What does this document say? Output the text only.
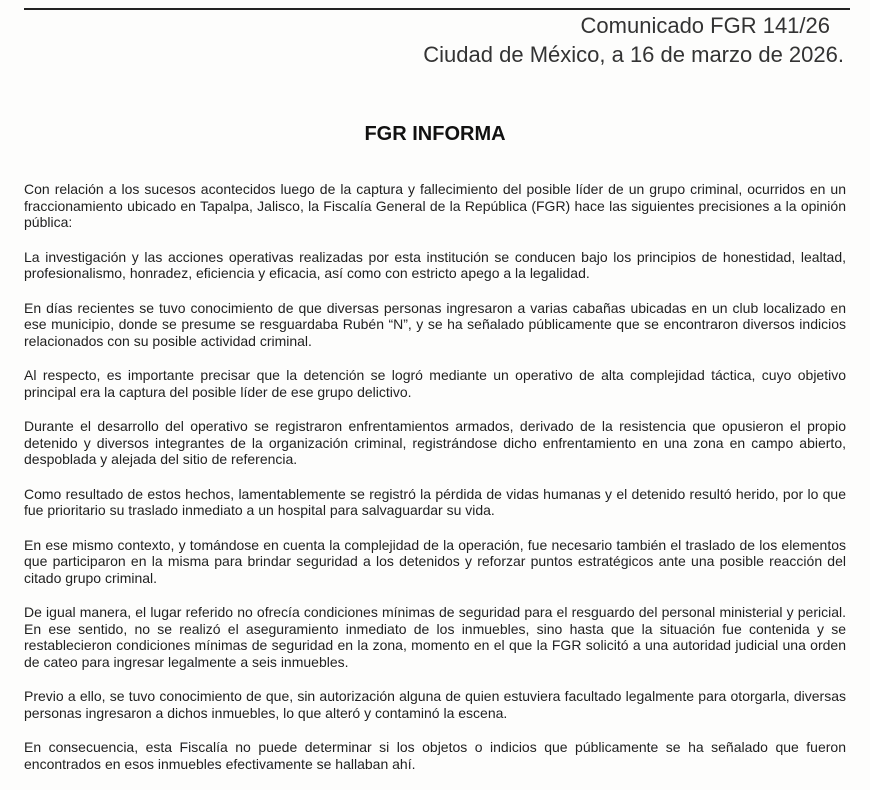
Comunicado FGR 141/26
Ciudad de México, a 16 de marzo de 2026.
FGR INFORMA

Con relación a los sucesos acontecidos luego de la captura y fallecimiento del posible líder de un grupo criminal, ocurridos en un fraccionamiento ubicado en Tapalpa, Jalisco, la Fiscalía General de la República (FGR) hace las siguientes precisiones a la opinión pública:

La investigación y las acciones operativas realizadas por esta institución se conducen bajo los principios de honestidad, lealtad, profesionalismo, honradez, eficiencia y eficacia, así como con estricto apego a la legalidad.

En días recientes se tuvo conocimiento de que diversas personas ingresaron a varias cabañas ubicadas en un club localizado en ese municipio, donde se presume se resguardaba Rubén “N”, y se ha señalado públicamente que se encontraron diversos indicios relacionados con su posible actividad criminal.

Al respecto, es importante precisar que la detención se logró mediante un operativo de alta complejidad táctica, cuyo objetivo principal era la captura del posible líder de ese grupo delictivo.

Durante el desarrollo del operativo se registraron enfrentamientos armados, derivado de la resistencia que opusieron el propio detenido y diversos integrantes de la organización criminal, registrándose dicho enfrentamiento en una zona en campo abierto, despoblada y alejada del sitio de referencia.

Como resultado de estos hechos, lamentablemente se registró la pérdida de vidas humanas y el detenido resultó herido, por lo que fue prioritario su traslado inmediato a un hospital para salvaguardar su vida.

En ese mismo contexto, y tomándose en cuenta la complejidad de la operación, fue necesario también el traslado de los elementos que participaron en la misma para brindar seguridad a los detenidos y reforzar puntos estratégicos ante una posible reacción del citado grupo criminal.

De igual manera, el lugar referido no ofrecía condiciones mínimas de seguridad para el resguardo del personal ministerial y pericial. En ese sentido, no se realizó el aseguramiento inmediato de los inmuebles, sino hasta que la situación fue contenida y se restablecieron condiciones mínimas de seguridad en la zona, momento en el que la FGR solicitó a una autoridad judicial una orden de cateo para ingresar legalmente a seis inmuebles.

Previo a ello, se tuvo conocimiento de que, sin autorización alguna de quien estuviera facultado legalmente para otorgarla, diversas personas ingresaron a dichos inmuebles, lo que alteró y contaminó la escena.

En consecuencia, esta Fiscalía no puede determinar si los objetos o indicios que públicamente se ha señalado que fueron encontrados en esos inmuebles efectivamente se hallaban ahí.
